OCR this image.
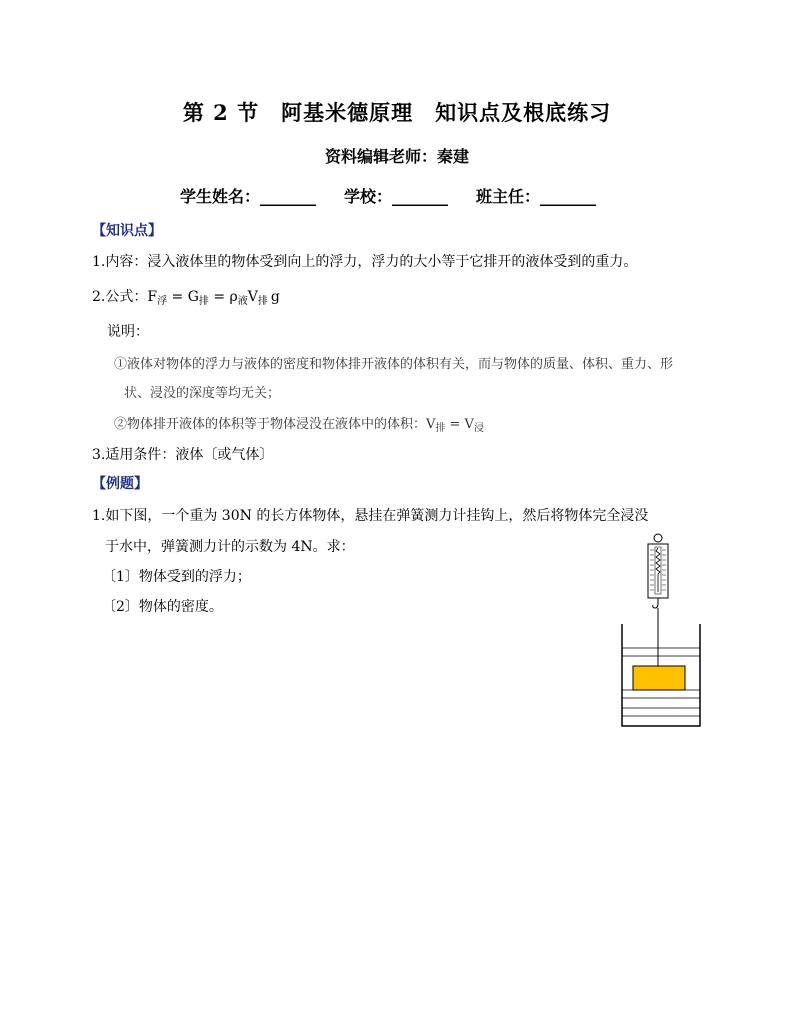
第 2 节　阿基米德原理　知识点及根底练习
资料编辑老师：秦建
学生姓名：_______ 学校：_______ 班主任：_______
【知识点】
1.内容：浸入液体里的物体受到向上的浮力，浮力的大小等于它排开的液体受到的重力。
2.公式：$F_浮 = G_排 = \rho_液V_排$ g
说明：
①液体对物体的浮力与液体的密度和物体排开液体的体积有关，而与物体的质量、体积、重力、形
状、浸没的深度等均无关；
②物体排开液体的体积等于物体浸没在液体中的体积：$V_排 = V_浸$
3.适用条件：液体〔或气体〕
【例题】
1.如下图，一个重为 30N 的长方体物体，悬挂在弹簧测力计挂钩上，然后将物体完全浸没
于水中，弹簧测力计的示数为 4N。求：
〔1〕物体受到的浮力；
〔2〕物体的密度。
